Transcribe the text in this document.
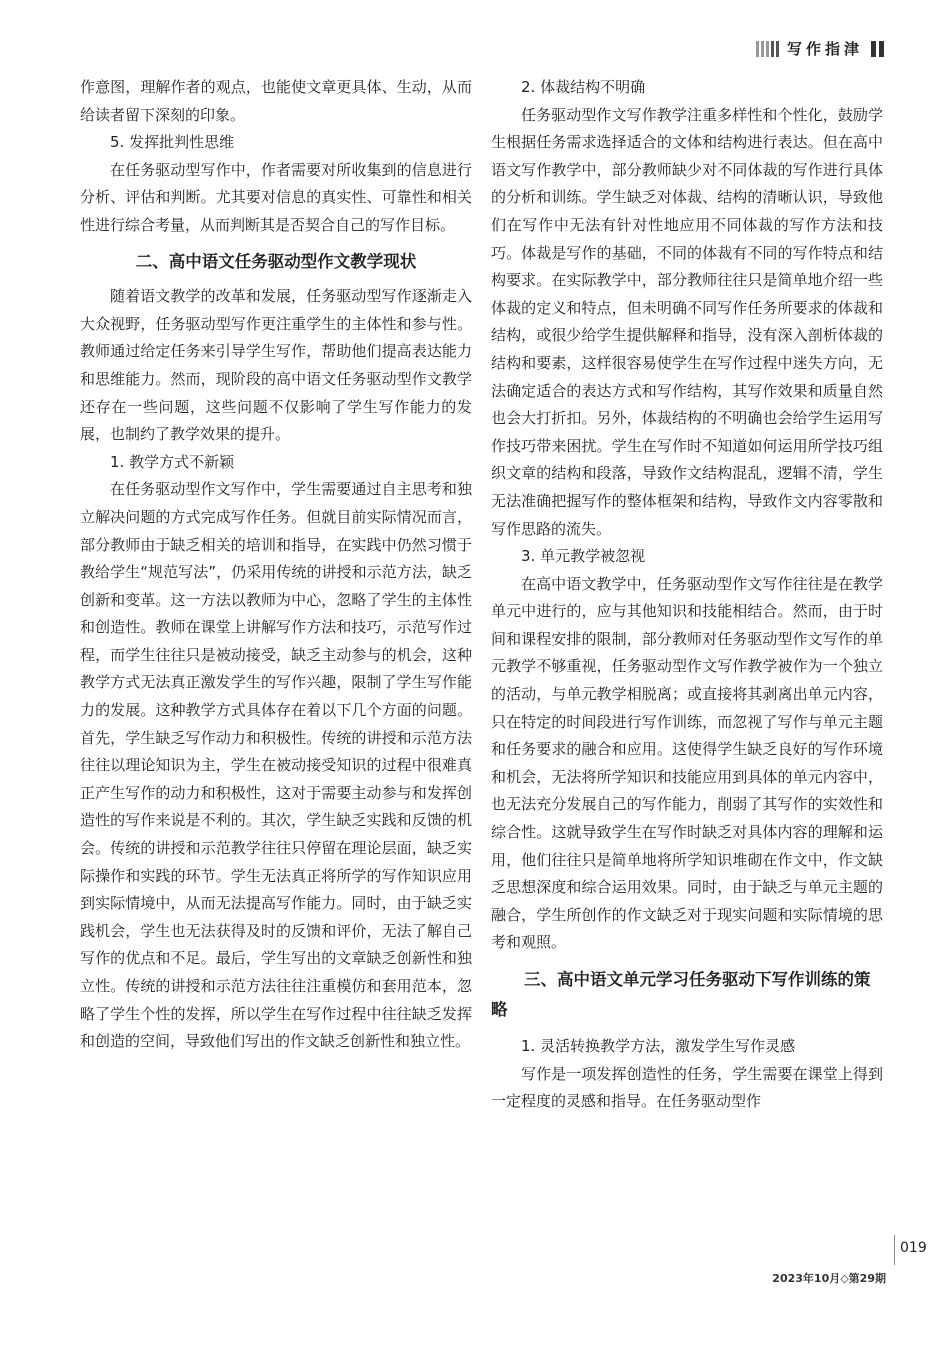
写作指津

作意图，理解作者的观点，也能使文章更具体、生动，从而给读者留下深刻的印象。

5. 发挥批判性思维

在任务驱动型写作中，作者需要对所收集到的信息进行分析、评估和判断。尤其要对信息的真实性、可靠性和相关性进行综合考量，从而判断其是否契合自己的写作目标。

二、高中语文任务驱动型作文教学现状

随着语文教学的改革和发展，任务驱动型写作逐渐走入大众视野，任务驱动型写作更注重学生的主体性和参与性。教师通过给定任务来引导学生写作，帮助他们提高表达能力和思维能力。然而，现阶段的高中语文任务驱动型作文教学还存在一些问题，这些问题不仅影响了学生写作能力的发展，也制约了教学效果的提升。

1. 教学方式不新颖

在任务驱动型作文写作中，学生需要通过自主思考和独立解决问题的方式完成写作任务。但就目前实际情况而言，部分教师由于缺乏相关的培训和指导，在实践中仍然习惯于教给学生“规范写法”，仍采用传统的讲授和示范方法，缺乏创新和变革。这一方法以教师为中心，忽略了学生的主体性和创造性。教师在课堂上讲解写作方法和技巧，示范写作过程，而学生往往只是被动接受，缺乏主动参与的机会，这种教学方式无法真正激发学生的写作兴趣，限制了学生写作能力的发展。这种教学方式具体存在着以下几个方面的问题。首先，学生缺乏写作动力和积极性。传统的讲授和示范方法往往以理论知识为主，学生在被动接受知识的过程中很难真正产生写作的动力和积极性，这对于需要主动参与和发挥创造性的写作来说是不利的。其次，学生缺乏实践和反馈的机会。传统的讲授和示范教学往往只停留在理论层面，缺乏实际操作和实践的环节。学生无法真正将所学的写作知识应用到实际情境中，从而无法提高写作能力。同时，由于缺乏实践机会，学生也无法获得及时的反馈和评价，无法了解自己写作的优点和不足。最后，学生写出的文章缺乏创新性和独立性。传统的讲授和示范方法往往注重模仿和套用范本，忽略了学生个性的发挥，所以学生在写作过程中往往缺乏发挥和创造的空间，导致他们写出的作文缺乏创新性和独立性。

2. 体裁结构不明确

任务驱动型作文写作教学注重多样性和个性化，鼓励学生根据任务需求选择适合的文体和结构进行表达。但在高中语文写作教学中，部分教师缺少对不同体裁的写作进行具体的分析和训练。学生缺乏对体裁、结构的清晰认识，导致他们在写作中无法有针对性地应用不同体裁的写作方法和技巧。体裁是写作的基础，不同的体裁有不同的写作特点和结构要求。在实际教学中，部分教师往往只是简单地介绍一些体裁的定义和特点，但未明确不同写作任务所要求的体裁和结构，或很少给学生提供解释和指导，没有深入剖析体裁的结构和要素，这样很容易使学生在写作过程中迷失方向，无法确定适合的表达方式和写作结构，其写作效果和质量自然也会大打折扣。另外，体裁结构的不明确也会给学生运用写作技巧带来困扰。学生在写作时不知道如何运用所学技巧组织文章的结构和段落，导致作文结构混乱，逻辑不清，学生无法准确把握写作的整体框架和结构，导致作文内容零散和写作思路的流失。

3. 单元教学被忽视

在高中语文教学中，任务驱动型作文写作往往是在教学单元中进行的，应与其他知识和技能相结合。然而，由于时间和课程安排的限制，部分教师对任务驱动型作文写作的单元教学不够重视，任务驱动型作文写作教学被作为一个独立的活动，与单元教学相脱离；或直接将其剥离出单元内容，只在特定的时间段进行写作训练，而忽视了写作与单元主题和任务要求的融合和应用。这使得学生缺乏良好的写作环境和机会，无法将所学知识和技能应用到具体的单元内容中，也无法充分发展自己的写作能力，削弱了其写作的实效性和综合性。这就导致学生在写作时缺乏对具体内容的理解和运用，他们往往只是简单地将所学知识堆砌在作文中，作文缺乏思想深度和综合运用效果。同时，由于缺乏与单元主题的融合，学生所创作的作文缺乏对于现实问题和实际情境的思考和观照。

三、高中语文单元学习任务驱动下写作训练的策略
1. 灵活转换教学方法，激发学生写作灵感

写作是一项发挥创造性的任务，学生需要在课堂上得到一定程度的灵感和指导。在任务驱动型作

019
2023年10月◇第29期
